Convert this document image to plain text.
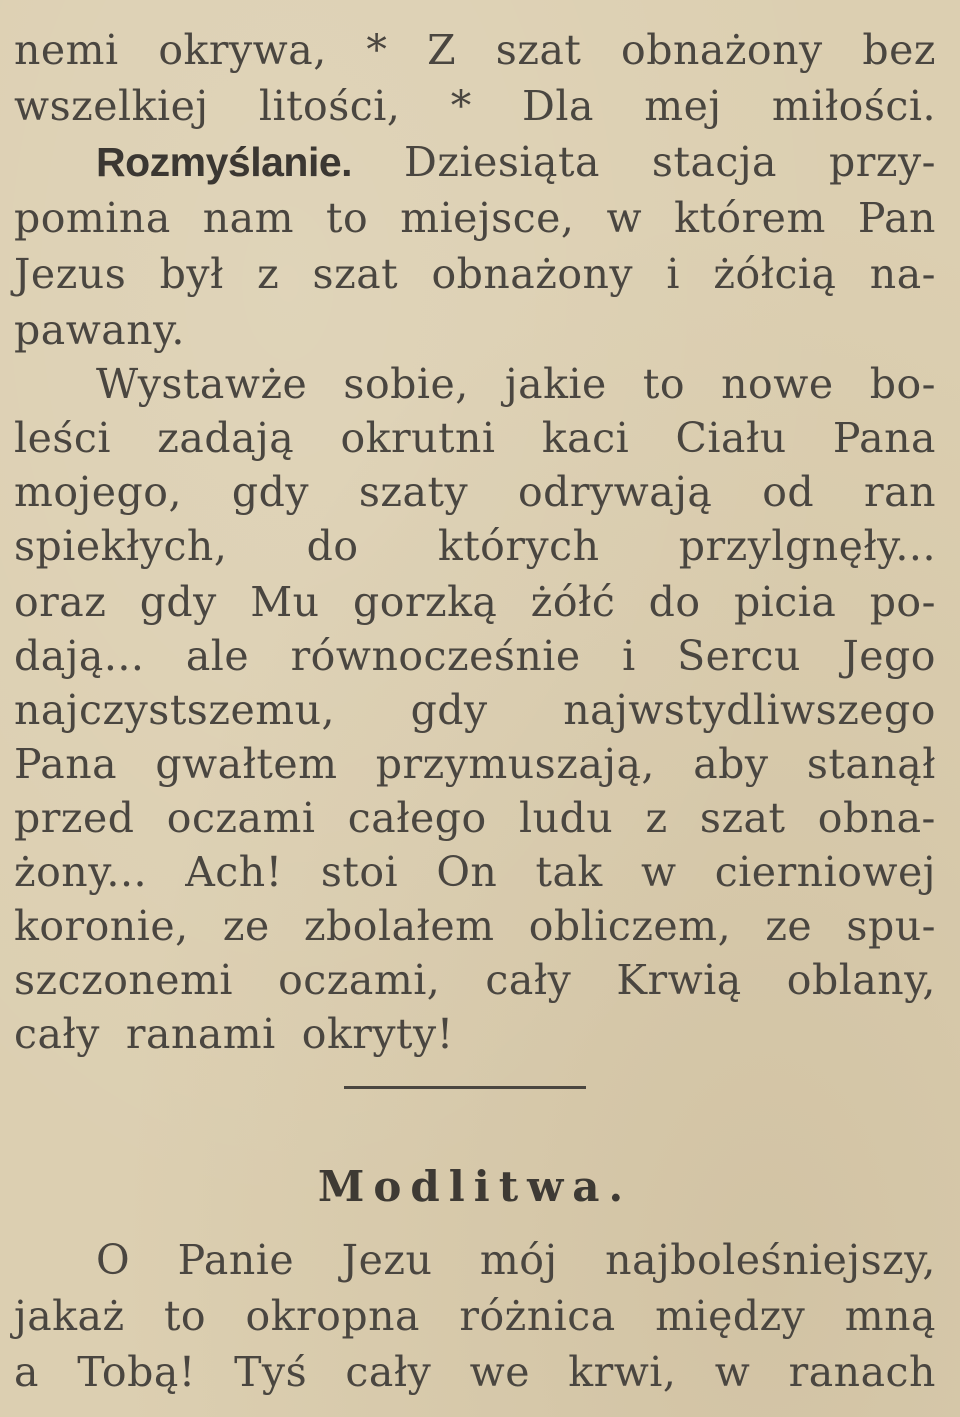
nemi okrywa, * Z szat obnażony bez
wszelkiej litości, * Dla mej miłości.
Rozmyślanie. Dziesiąta stacja przy-
pomina nam to miejsce, w którem Pan
Jezus był z szat obnażony i żółcią na-
pawany.
Wystawże sobie, jakie to nowe bo-
leści zadają okrutni kaci Ciału Pana
mojego, gdy szaty odrywają od ran
spiekłych, do których przylgnęły...
oraz gdy Mu gorzką żółć do picia po-
dają... ale równocześnie i Sercu Jego
najczystszemu, gdy najwstydliwszego
Pana gwałtem przymuszają, aby stanął
przed oczami całego ludu z szat obna-
żony... Ach! stoi On tak w cierniowej
koronie, ze zbolałem obliczem, ze spu-
szczonemi oczami, cały Krwią oblany,
cały ranami okryty!
Modlitwa.
O Panie Jezu mój najboleśniejszy,
jakaż to okropna różnica między mną
a Tobą! Tyś cały we krwi, w ranach
